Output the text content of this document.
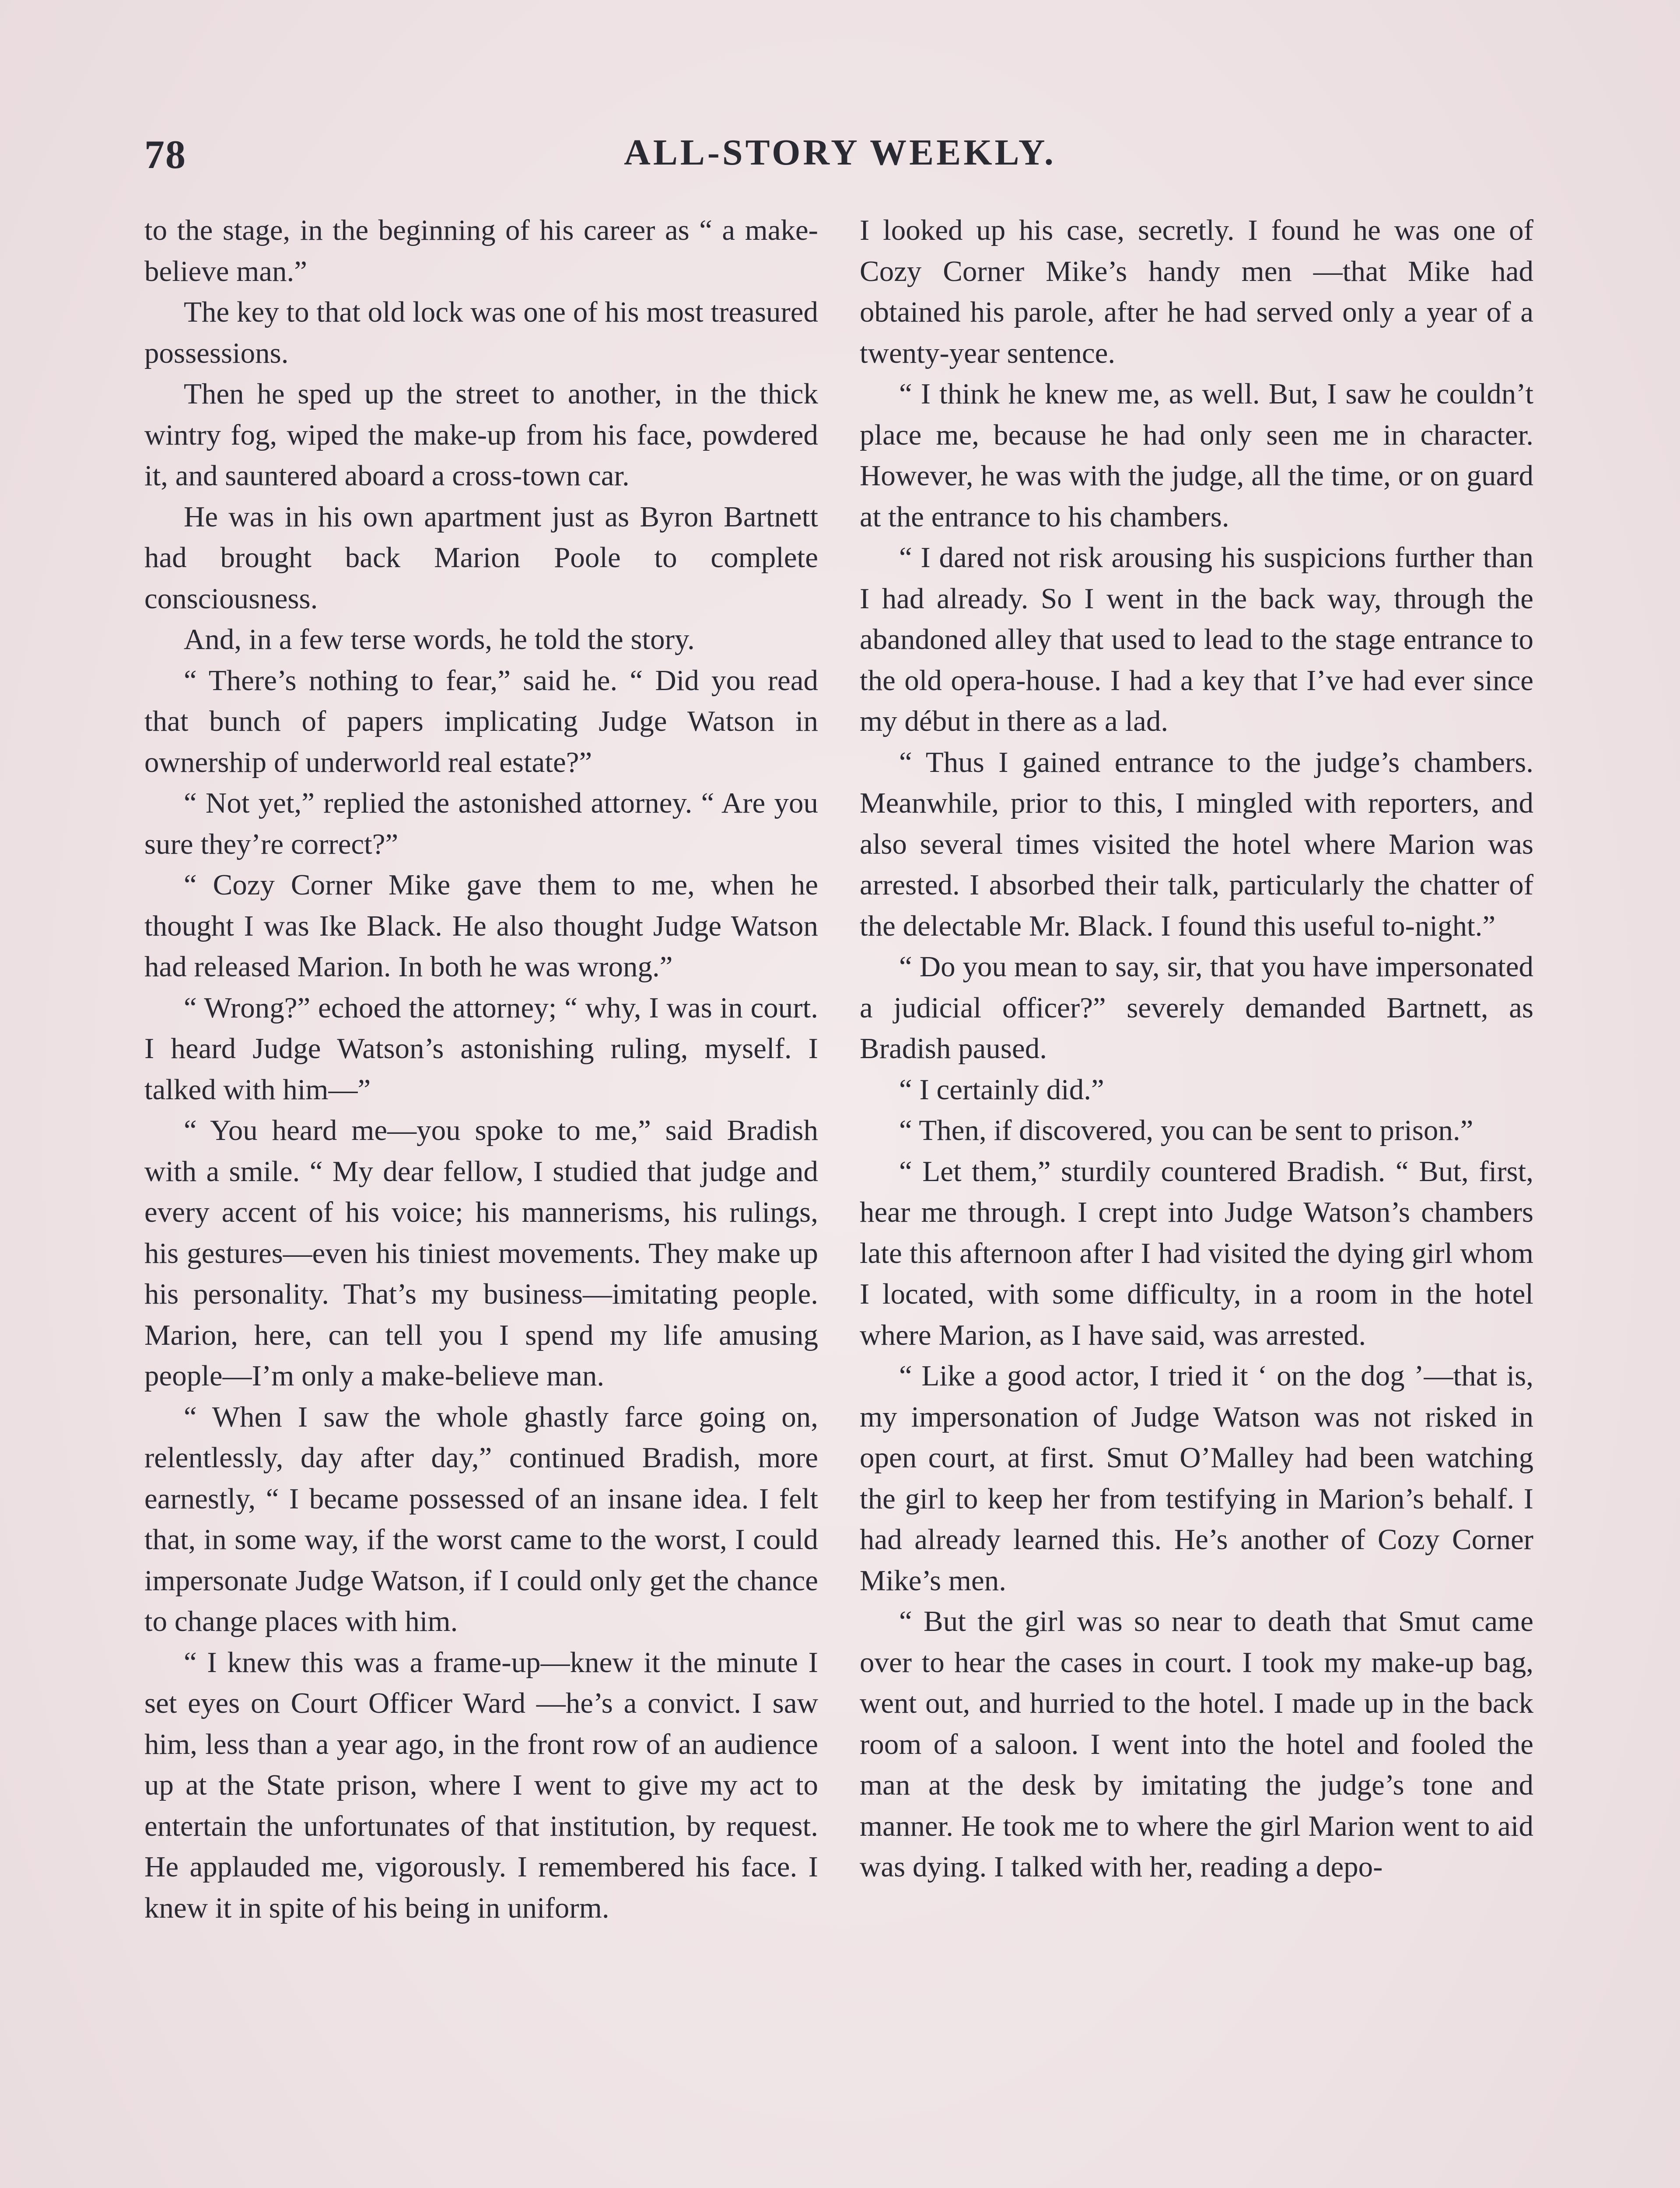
78	ALL-STORY WEEKLY.

to the stage, in the beginning of his career as “ a make-believe man.”

The key to that old lock was one of his most treasured possessions.

Then he sped up the street to another, in the thick wintry fog, wiped the make-up from his face, powdered it, and sauntered aboard a cross-town car.

He was in his own apartment just as Byron Bartnett had brought back Marion Poole to complete consciousness.

And, in a few terse words, he told the story.

“ There’s nothing to fear,” said he. “ Did you read that bunch of papers implicating Judge Watson in ownership of underworld real estate?”

“ Not yet,” replied the astonished attorney. “ Are you sure they’re correct?”

“ Cozy Corner Mike gave them to me, when he thought I was Ike Black. He also thought Judge Watson had released Marion. In both he was wrong.”

“ Wrong?” echoed the attorney; “ why, I was in court. I heard Judge Watson’s astonishing ruling, myself. I talked with him—”

“ You heard me—you spoke to me,” said Bradish with a smile. “ My dear fellow, I studied that judge and every accent of his voice; his mannerisms, his rulings, his gestures—even his tiniest movements. They make up his personality. That’s my business—imitating people. Marion, here, can tell you I spend my life amusing people—I’m only a make-believe man.

“ When I saw the whole ghastly farce going on, relentlessly, day after day,” continued Bradish, more earnestly, “ I became possessed of an insane idea. I felt that, in some way, if the worst came to the worst, I could impersonate Judge Watson, if I could only get the chance to change places with him.

“ I knew this was a frame-up—knew it the minute I set eyes on Court Officer Ward —he’s a convict. I saw him, less than a year ago, in the front row of an audience up at the State prison, where I went to give my act to entertain the unfortunates of that institution, by request. He applauded me, vigorously. I remembered his face. I knew it in spite of his being in uniform.

I looked up his case, secretly. I found he was one of Cozy Corner Mike’s handy men —that Mike had obtained his parole, after he had served only a year of a twenty-year sentence.

“ I think he knew me, as well. But, I saw he couldn’t place me, because he had only seen me in character. However, he was with the judge, all the time, or on guard at the entrance to his chambers.

“ I dared not risk arousing his suspicions further than I had already. So I went in the back way, through the abandoned alley that used to lead to the stage entrance to the old opera-house. I had a key that I’ve had ever since my début in there as a lad.

“ Thus I gained entrance to the judge’s chambers. Meanwhile, prior to this, I mingled with reporters, and also several times visited the hotel where Marion was arrested. I absorbed their talk, particularly the chatter of the delectable Mr. Black. I found this useful to-night.”

“ Do you mean to say, sir, that you have impersonated a judicial officer?” severely demanded Bartnett, as Bradish paused.

“ I certainly did.”

“ Then, if discovered, you can be sent to prison.”

“ Let them,” sturdily countered Bradish. “ But, first, hear me through. I crept into Judge Watson’s chambers late this afternoon after I had visited the dying girl whom I located, with some difficulty, in a room in the hotel where Marion, as I have said, was arrested.

“ Like a good actor, I tried it ‘ on the dog ’—that is, my impersonation of Judge Watson was not risked in open court, at first. Smut O’Malley had been watching the girl to keep her from testifying in Marion’s behalf. I had already learned this. He’s another of Cozy Corner Mike’s men.

“ But the girl was so near to death that Smut came over to hear the cases in court. I took my make-up bag, went out, and hurried to the hotel. I made up in the back room of a saloon. I went into the hotel and fooled the man at the desk by imitating the judge’s tone and manner. He took me to where the girl Marion went to aid was dying. I talked with her, reading a depo-
